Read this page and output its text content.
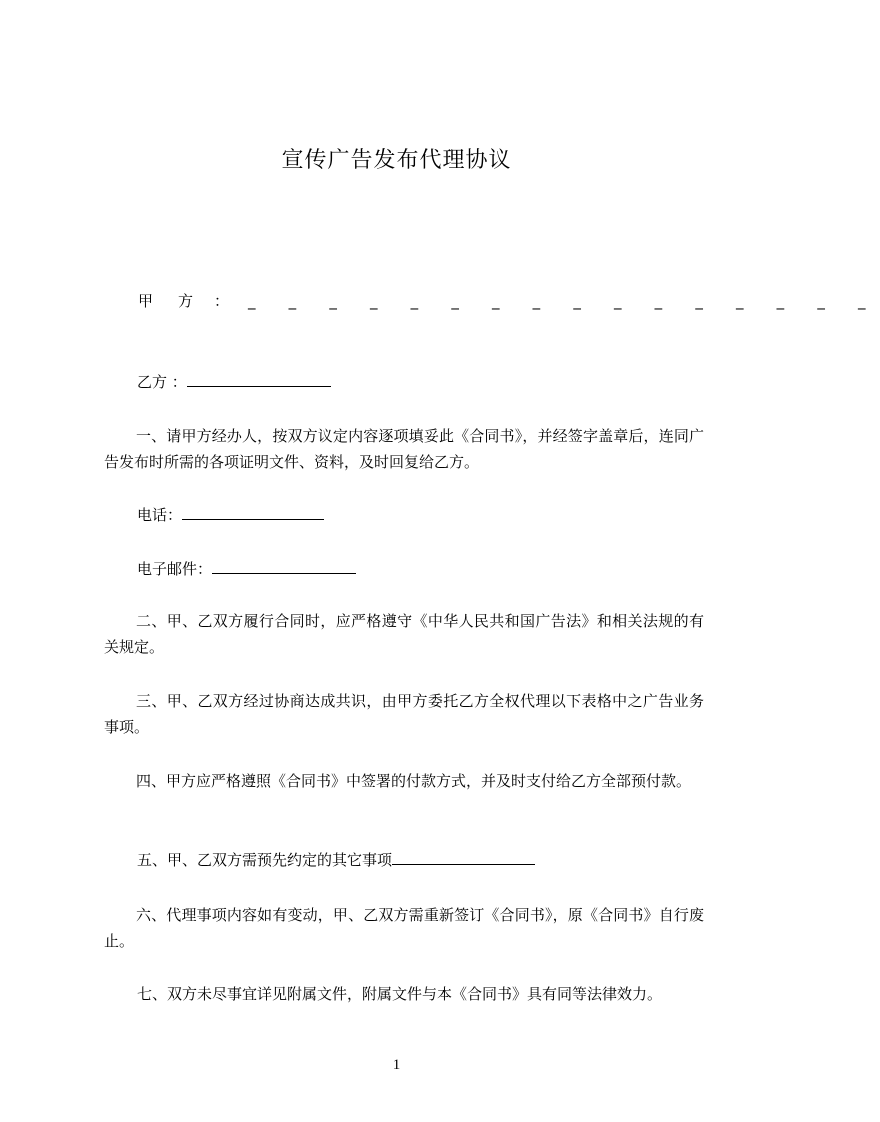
宣传广告发布代理协议
甲 方 ： _ _ _ _ _ _ _ _ _ _ _ _ _ _ _ _
乙方 ：
一、请甲方经办人，按双方议定内容逐项填妥此《合同书》，并经签字盖章后，连同广告发布时所需的各项证明文件、资料，及时回复给乙方。
电话：
电子邮件：
二、甲、乙双方履行合同时，应严格遵守《中华人民共和国广告法》和相关法规的有关规定。
三、甲、乙双方经过协商达成共识，由甲方委托乙方全权代理以下表格中之广告业务事项。
四、甲方应严格遵照《合同书》中签署的付款方式，并及时支付给乙方全部预付款。
五、甲、乙双方需预先约定的其它事项
六、代理事项内容如有变动，甲、乙双方需重新签订《合同书》，原《合同书》自行废止。
七、双方未尽事宜详见附属文件，附属文件与本《合同书》具有同等法律效力。
1
